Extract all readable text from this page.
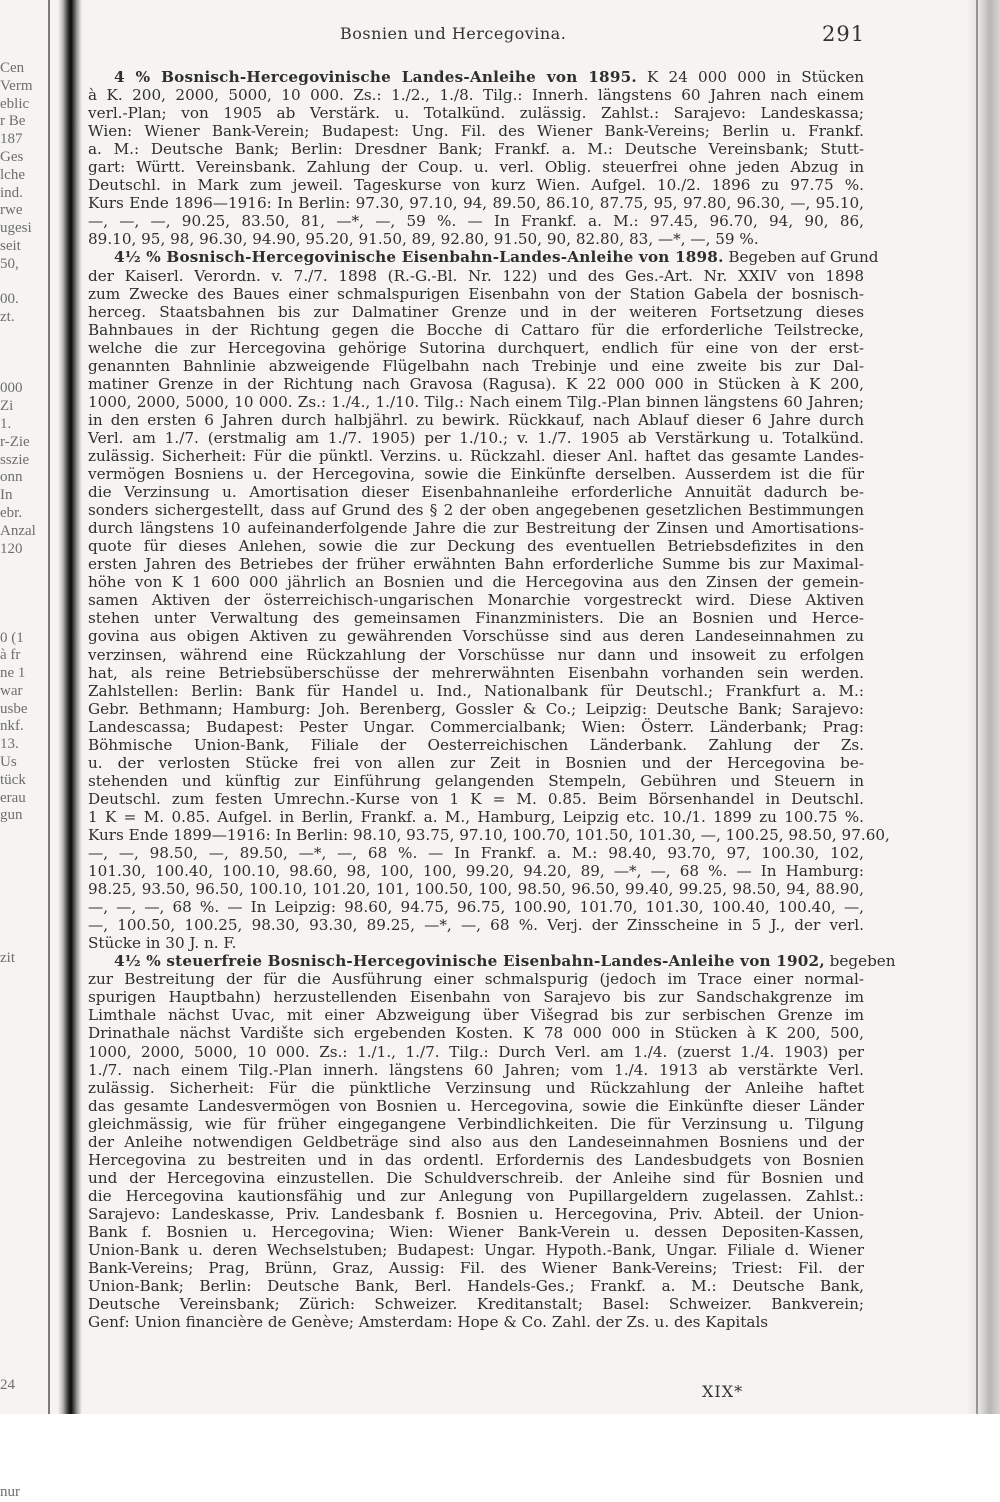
Cen
Verm
eblic
r Be
187
Ges
lche
ind.
rwe
ugesi
seit
50,
00.
zt.
000
Zi
1.
r-Zie
sszie
onn
In
ebr.
Anzal
120
0 (1
à fr
ne 1
war
usbe
nkf.
13.
Us
tück
erau
gun
zit
24
nur
Bosnien und Hercegovina.	291
4 % Bosnisch-Hercegovinische Landes-Anleihe von 1895. K 24 000 000 in Stücken
à K. 200, 2000, 5000, 10 000. Zs.: 1./2., 1./8. Tilg.: Innerh. längstens 60 Jahren nach einem
verl.-Plan; von 1905 ab Verstärk. u. Totalkünd. zulässig. Zahlst.: Sarajevo: Landeskassa;
Wien: Wiener Bank-Verein; Budapest: Ung. Fil. des Wiener Bank-Vereins; Berlin u. Frankf.
a. M.: Deutsche Bank; Berlin: Dresdner Bank; Frankf. a. M.: Deutsche Vereinsbank; Stutt-
gart: Württ. Vereinsbank. Zahlung der Coup. u. verl. Oblig. steuerfrei ohne jeden Abzug in
Deutschl. in Mark zum jeweil. Tageskurse von kurz Wien. Aufgel. 10./2. 1896 zu 97.75 %.
Kurs Ende 1896—1916: In Berlin: 97.30, 97.10, 94, 89.50, 86.10, 87.75, 95, 97.80, 96.30, —, 95.10,
—, —, —, 90.25, 83.50, 81, —*, —, 59 %. — In Frankf. a. M.: 97.45, 96.70, 94, 90, 86,
89.10, 95, 98, 96.30, 94.90, 95.20, 91.50, 89, 92.80, 91.50, 90, 82.80, 83, —*, —, 59 %.
4½ % Bosnisch-Hercegovinische Eisenbahn-Landes-Anleihe von 1898. Begeben auf Grund
der Kaiserl. Verordn. v. 7./7. 1898 (R.-G.-Bl. Nr. 122) und des Ges.-Art. Nr. XXIV von 1898
zum Zwecke des Baues einer schmalspurigen Eisenbahn von der Station Gabela der bosnisch-
herceg. Staatsbahnen bis zur Dalmatiner Grenze und in der weiteren Fortsetzung dieses
Bahnbaues in der Richtung gegen die Bocche di Cattaro für die erforderliche Teilstrecke,
welche die zur Hercegovina gehörige Sutorina durchquert, endlich für eine von der erst-
genannten Bahnlinie abzweigende Flügelbahn nach Trebinje und eine zweite bis zur Dal-
matiner Grenze in der Richtung nach Gravosa (Ragusa). K 22 000 000 in Stücken à K 200,
1000, 2000, 5000, 10 000. Zs.: 1./4., 1./10. Tilg.: Nach einem Tilg.-Plan binnen längstens 60 Jahren;
in den ersten 6 Jahren durch halbjährl. zu bewirk. Rückkauf, nach Ablauf dieser 6 Jahre durch
Verl. am 1./7. (erstmalig am 1./7. 1905) per 1./10.; v. 1./7. 1905 ab Verstärkung u. Totalkünd.
zulässig. Sicherheit: Für die pünktl. Verzins. u. Rückzahl. dieser Anl. haftet das gesamte Landes-
vermögen Bosniens u. der Hercegovina, sowie die Einkünfte derselben. Ausserdem ist die für
die Verzinsung u. Amortisation dieser Eisenbahnanleihe erforderliche Annuität dadurch be-
sonders sichergestellt, dass auf Grund des § 2 der oben angegebenen gesetzlichen Bestimmungen
durch längstens 10 aufeinanderfolgende Jahre die zur Bestreitung der Zinsen und Amortisations-
quote für dieses Anlehen, sowie die zur Deckung des eventuellen Betriebsdefizites in den
ersten Jahren des Betriebes der früher erwähnten Bahn erforderliche Summe bis zur Maximal-
höhe von K 1 600 000 jährlich an Bosnien und die Hercegovina aus den Zinsen der gemein-
samen Aktiven der österreichisch-ungarischen Monarchie vorgestreckt wird. Diese Aktiven
stehen unter Verwaltung des gemeinsamen Finanzministers. Die an Bosnien und Herce-
govina aus obigen Aktiven zu gewährenden Vorschüsse sind aus deren Landeseinnahmen zu
verzinsen, während eine Rückzahlung der Vorschüsse nur dann und insoweit zu erfolgen
hat, als reine Betriebsüberschüsse der mehrerwähnten Eisenbahn vorhanden sein werden.
Zahlstellen: Berlin: Bank für Handel u. Ind., Nationalbank für Deutschl.; Frankfurt a. M.:
Gebr. Bethmann; Hamburg: Joh. Berenberg, Gossler & Co.; Leipzig: Deutsche Bank; Sarajevo:
Landescassa; Budapest: Pester Ungar. Commercialbank; Wien: Österr. Länderbank; Prag:
Böhmische Union-Bank, Filiale der Oesterreichischen Länderbank. Zahlung der Zs.
u. der verlosten Stücke frei von allen zur Zeit in Bosnien und der Hercegovina be-
stehenden und künftig zur Einführung gelangenden Stempeln, Gebühren und Steuern in
Deutschl. zum festen Umrechn.-Kurse von 1 K = M. 0.85. Beim Börsenhandel in Deutschl.
1 K = M. 0.85. Aufgel. in Berlin, Frankf. a. M., Hamburg, Leipzig etc. 10./1. 1899 zu 100.75 %.
Kurs Ende 1899—1916: In Berlin: 98.10, 93.75, 97.10, 100.70, 101.50, 101.30, —, 100.25, 98.50, 97.60,
—, —, 98.50, —, 89.50, —*, —, 68 %. — In Frankf. a. M.: 98.40, 93.70, 97, 100.30, 102,
101.30, 100.40, 100.10, 98.60, 98, 100, 100, 99.20, 94.20, 89, —*, —, 68 %. — In Hamburg:
98.25, 93.50, 96.50, 100.10, 101.20, 101, 100.50, 100, 98.50, 96.50, 99.40, 99.25, 98.50, 94, 88.90,
—, —, —, 68 %. — In Leipzig: 98.60, 94.75, 96.75, 100.90, 101.70, 101.30, 100.40, 100.40, —,
—, 100.50, 100.25, 98.30, 93.30, 89.25, —*, —, 68 %. Verj. der Zinsscheine in 5 J., der verl.
Stücke in 30 J. n. F.
4½ % steuerfreie Bosnisch-Hercegovinische Eisenbahn-Landes-Anleihe von 1902, begeben
zur Bestreitung der für die Ausführung einer schmalspurig (jedoch im Trace einer normal-
spurigen Hauptbahn) herzustellenden Eisenbahn von Sarajevo bis zur Sandschakgrenze im
Limthale nächst Uvac, mit einer Abzweigung über Višegrad bis zur serbischen Grenze im
Drinathale nächst Vardište sich ergebenden Kosten. K 78 000 000 in Stücken à K 200, 500,
1000, 2000, 5000, 10 000. Zs.: 1./1., 1./7. Tilg.: Durch Verl. am 1./4. (zuerst 1./4. 1903) per
1./7. nach einem Tilg.-Plan innerh. längstens 60 Jahren; vom 1./4. 1913 ab verstärkte Verl.
zulässig. Sicherheit: Für die pünktliche Verzinsung und Rückzahlung der Anleihe haftet
das gesamte Landesvermögen von Bosnien u. Hercegovina, sowie die Einkünfte dieser Länder
gleichmässig, wie für früher eingegangene Verbindlichkeiten. Die für Verzinsung u. Tilgung
der Anleihe notwendigen Geldbeträge sind also aus den Landeseinnahmen Bosniens und der
Hercegovina zu bestreiten und in das ordentl. Erfordernis des Landesbudgets von Bosnien
und der Hercegovina einzustellen. Die Schuldverschreib. der Anleihe sind für Bosnien und
die Hercegovina kautionsfähig und zur Anlegung von Pupillargeldern zugelassen. Zahlst.:
Sarajevo: Landeskasse, Priv. Landesbank f. Bosnien u. Hercegovina, Priv. Abteil. der Union-
Bank f. Bosnien u. Hercegovina; Wien: Wiener Bank-Verein u. dessen Depositen-Kassen,
Union-Bank u. deren Wechselstuben; Budapest: Ungar. Hypoth.-Bank, Ungar. Filiale d. Wiener
Bank-Vereins; Prag, Brünn, Graz, Aussig: Fil. des Wiener Bank-Vereins; Triest: Fil. der
Union-Bank; Berlin: Deutsche Bank, Berl. Handels-Ges.; Frankf. a. M.: Deutsche Bank,
Deutsche Vereinsbank; Zürich: Schweizer. Kreditanstalt; Basel: Schweizer. Bankverein;
Genf: Union financière de Genève; Amsterdam: Hope & Co. Zahl. der Zs. u. des Kapitals
XIX*
